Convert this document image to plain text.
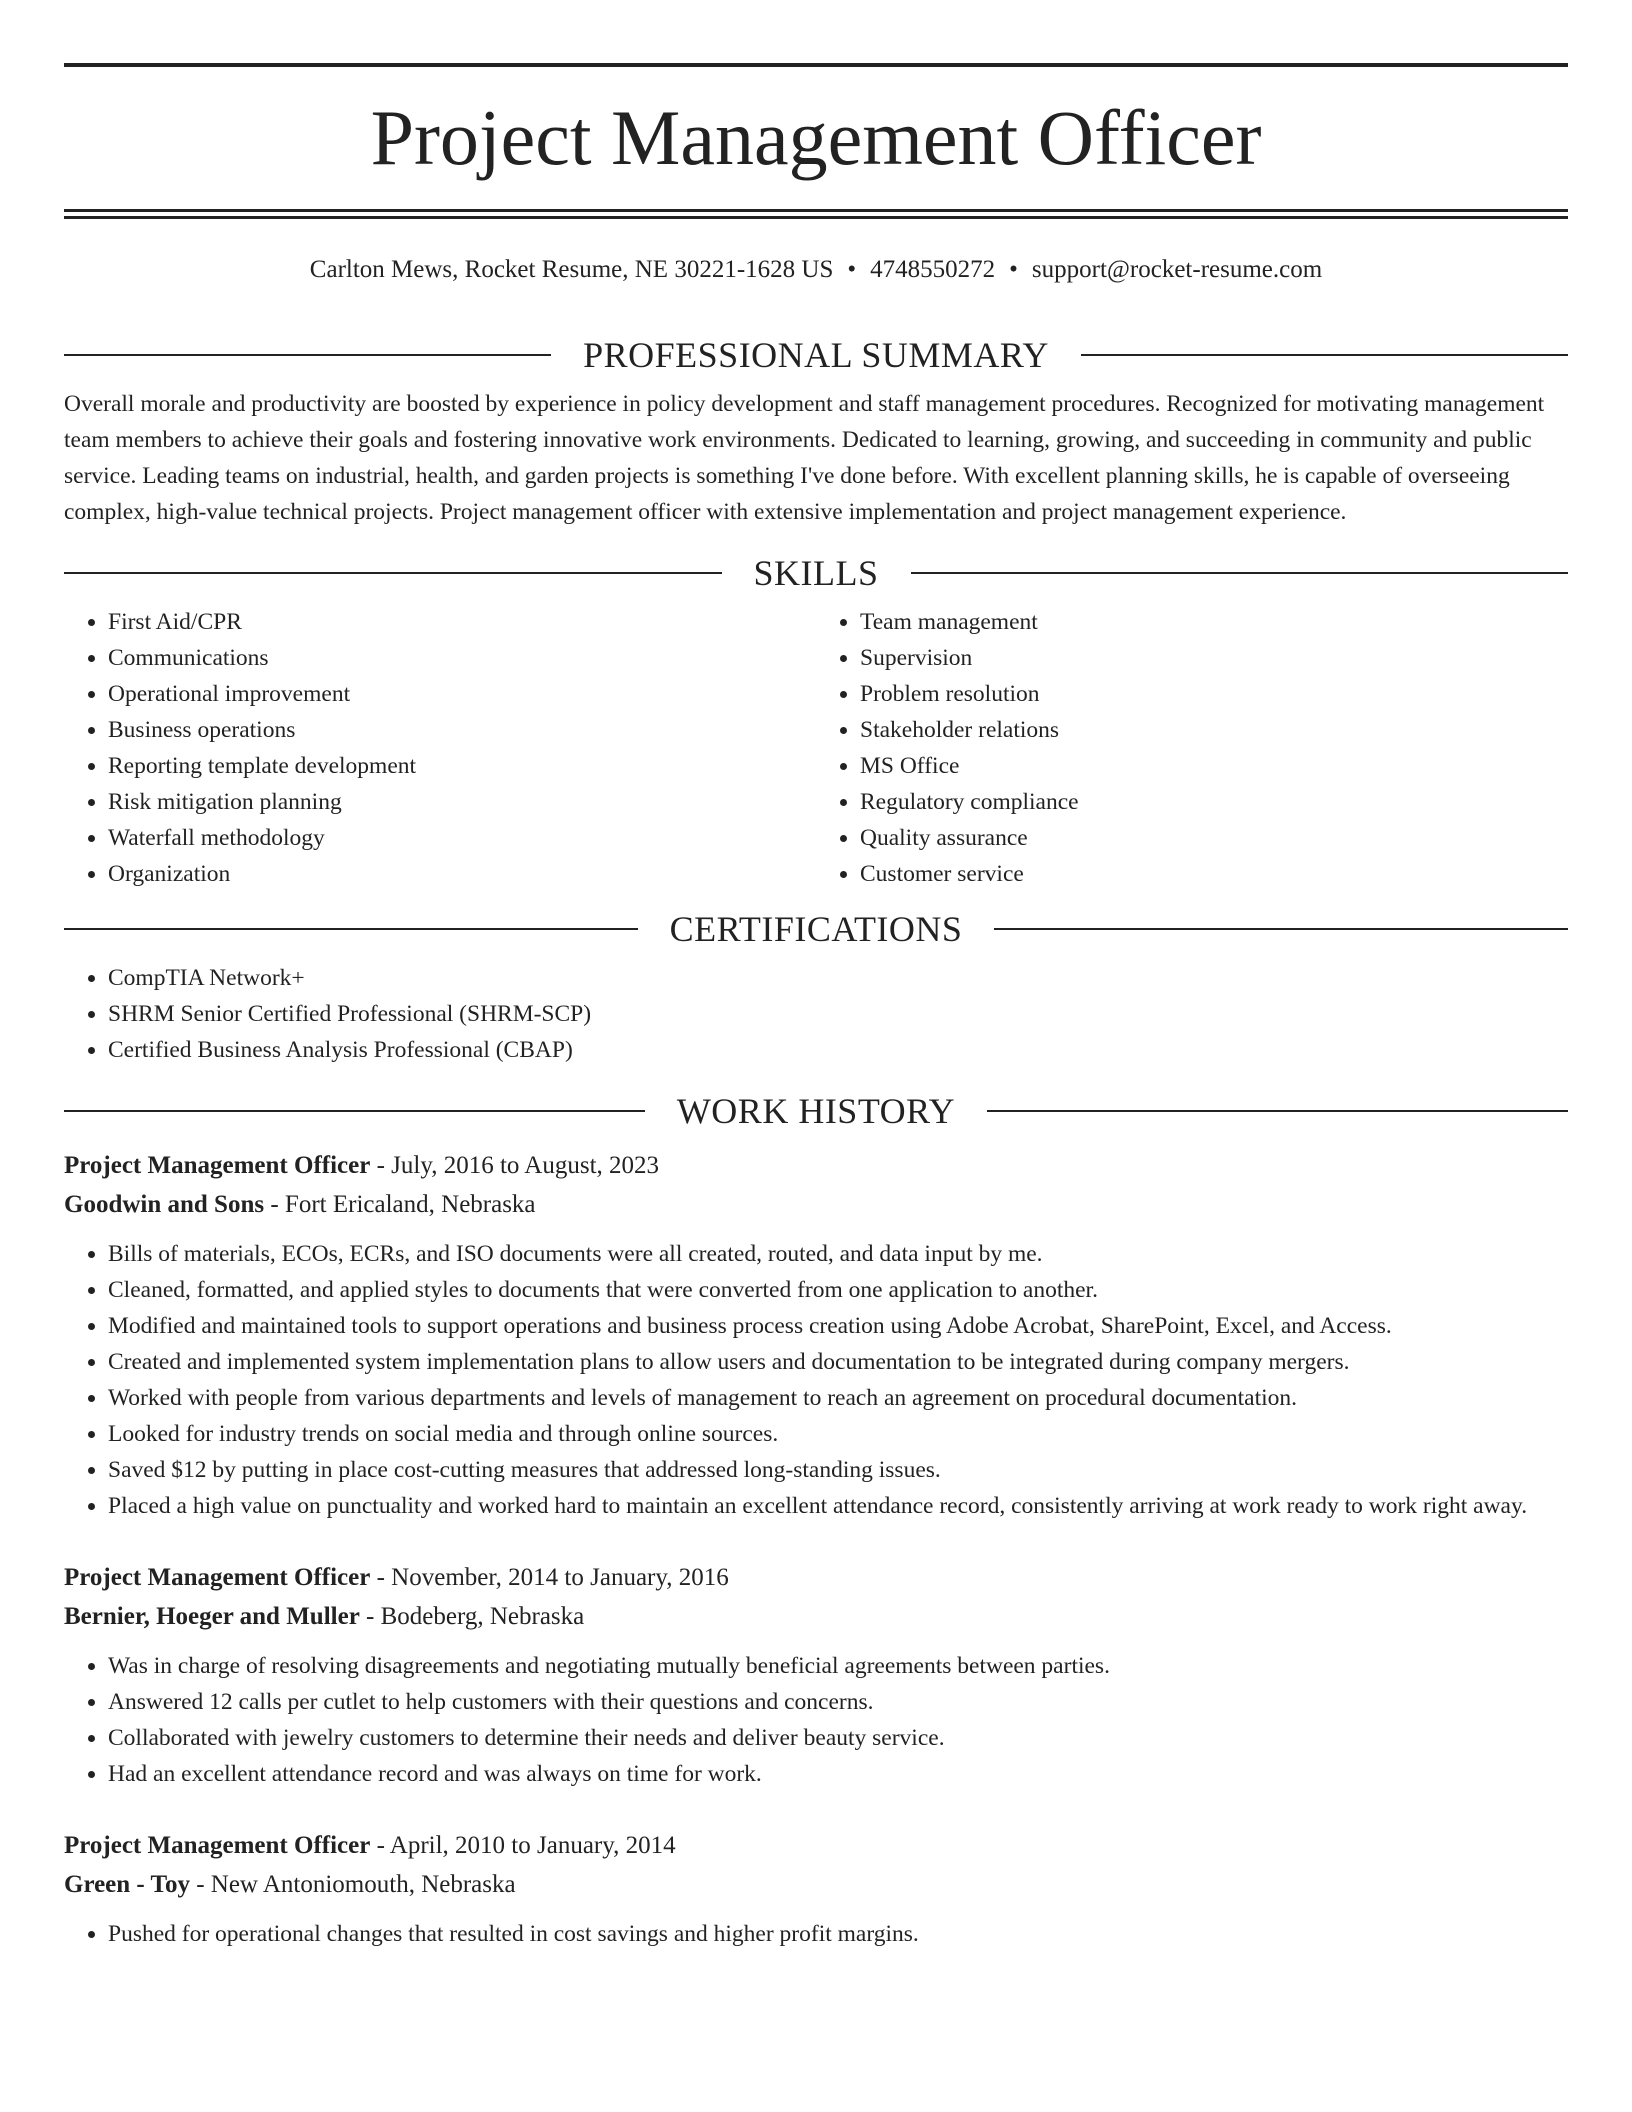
Project Management Officer
Carlton Mews, Rocket Resume, NE 30221-1628 US • 4748550272 • support@rocket-resume.com
PROFESSIONAL SUMMARY

Overall morale and productivity are boosted by experience in policy development and staff management procedures. Recognized for motivating management team members to achieve their goals and fostering innovative work environments. Dedicated to learning, growing, and succeeding in community and public service. Leading teams on industrial, health, and garden projects is something I've done before. With excellent planning skills, he is capable of overseeing complex, high-value technical projects. Project management officer with extensive implementation and project management experience.

SKILLS
• First Aid/CPR
• Communications
• Operational improvement
• Business operations
• Reporting template development
• Risk mitigation planning
• Waterfall methodology
• Organization
• Team management
• Supervision
• Problem resolution
• Stakeholder relations
• MS Office
• Regulatory compliance
• Quality assurance
• Customer service
CERTIFICATIONS
• CompTIA Network+
• SHRM Senior Certified Professional (SHRM-SCP)
• Certified Business Analysis Professional (CBAP)
WORK HISTORY
Project Management Officer - July, 2016 to August, 2023
Goodwin and Sons - Fort Ericaland, Nebraska
• Bills of materials, ECOs, ECRs, and ISO documents were all created, routed, and data input by me.
• Cleaned, formatted, and applied styles to documents that were converted from one application to another.
• Modified and maintained tools to support operations and business process creation using Adobe Acrobat, SharePoint, Excel, and Access.
• Created and implemented system implementation plans to allow users and documentation to be integrated during company mergers.
• Worked with people from various departments and levels of management to reach an agreement on procedural documentation.
• Looked for industry trends on social media and through online sources.
• Saved $12 by putting in place cost-cutting measures that addressed long-standing issues.
• Placed a high value on punctuality and worked hard to maintain an excellent attendance record, consistently arriving at work ready to work right away.
Project Management Officer - November, 2014 to January, 2016
Bernier, Hoeger and Muller - Bodeberg, Nebraska
• Was in charge of resolving disagreements and negotiating mutually beneficial agreements between parties.
• Answered 12 calls per cutlet to help customers with their questions and concerns.
• Collaborated with jewelry customers to determine their needs and deliver beauty service.
• Had an excellent attendance record and was always on time for work.
Project Management Officer - April, 2010 to January, 2014
Green - Toy - New Antoniomouth, Nebraska
• Pushed for operational changes that resulted in cost savings and higher profit margins.
